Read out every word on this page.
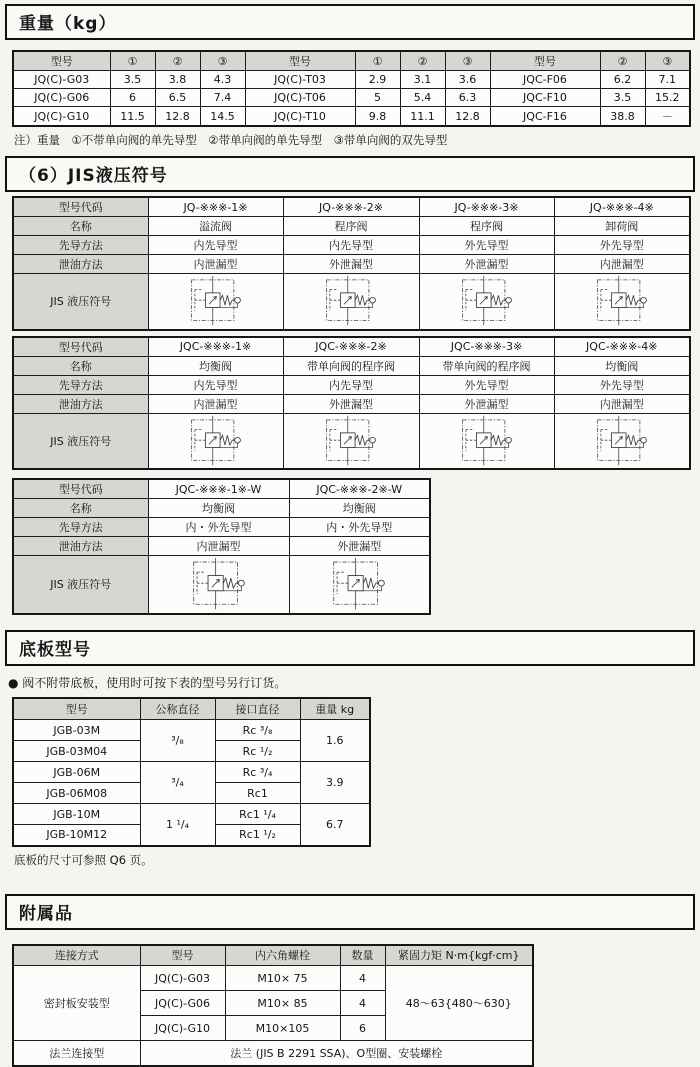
重量（kg）
型号	①	②	③	型号	①	②	③	型号	②	③
JQ(C)-G03	3.5	3.8	4.3	JQ(C)-T03	2.9	3.1	3.6	JQC-F06	6.2	7.1
JQ(C)-G06	6	6.5	7.4	JQ(C)-T06	5	5.4	6.3	JQC-F10	3.5	15.2
JQ(C)-G10	11.5	12.8	14.5	JQ(C)-T10	9.8	11.1	12.8	JQC-F16	38.8	－
注）重量　①不带单向阀的单先导型　②带单向阀的单先导型　③带单向阀的双先导型
（6）JIS液压符号
型号代码	JQ-※※※-1※	JQ-※※※-2※	JQ-※※※-3※	JQ-※※※-4※
名称	溢流阀	程序阀	程序阀	卸荷阀
先导方法	内先导型	内先导型	外先导型	外先导型
泄油方法	内泄漏型	外泄漏型	外泄漏型	内泄漏型
JIS 液压符号	

型号代码	JQC-※※※-1※	JQC-※※※-2※	JQC-※※※-3※	JQC-※※※-4※
名称	均衡阀	带单向阀的程序阀	带单向阀的程序阀	均衡阀
先导方法	内先导型	内先导型	外先导型	外先导型
泄油方法	内泄漏型	外泄漏型	外泄漏型	内泄漏型
JIS 液压符号	

型号代码	JQC-※※※-1※-W	JQC-※※※-2※-W
名称	均衡阀	均衡阀
先导方法	内・外先导型	内・外先导型
泄油方法	内泄漏型	外泄漏型
JIS 液压符号	

底板型号
● 阀不附带底板，使用时可按下表的型号另行订货。
型号	公称直径	接口直径	重量 kg
JGB-03M	³/₈	Rc ³/₈	1.6
JGB-03M04		Rc ¹/₂	
JGB-06M	³/₄	Rc ³/₄	3.9
JGB-06M08		Rc1	
JGB-10M	1 ¹/₄	Rc1 ¹/₄	6.7
JGB-10M12		Rc1 ¹/₂	
底板的尺寸可参照 Q6 页。
附属品
连接方式	型号	内六角螺栓	数量	紧固力矩 N·m{kgf·cm}
密封板安装型	JQ(C)-G03	M10× 75	4	48～63{480～630}
	JQ(C)-G06	M10× 85	4	
	JQ(C)-G10	M10×105	6	
法兰连接型	法兰 (JIS B 2291 SSA)、O型圈、安装螺栓			
